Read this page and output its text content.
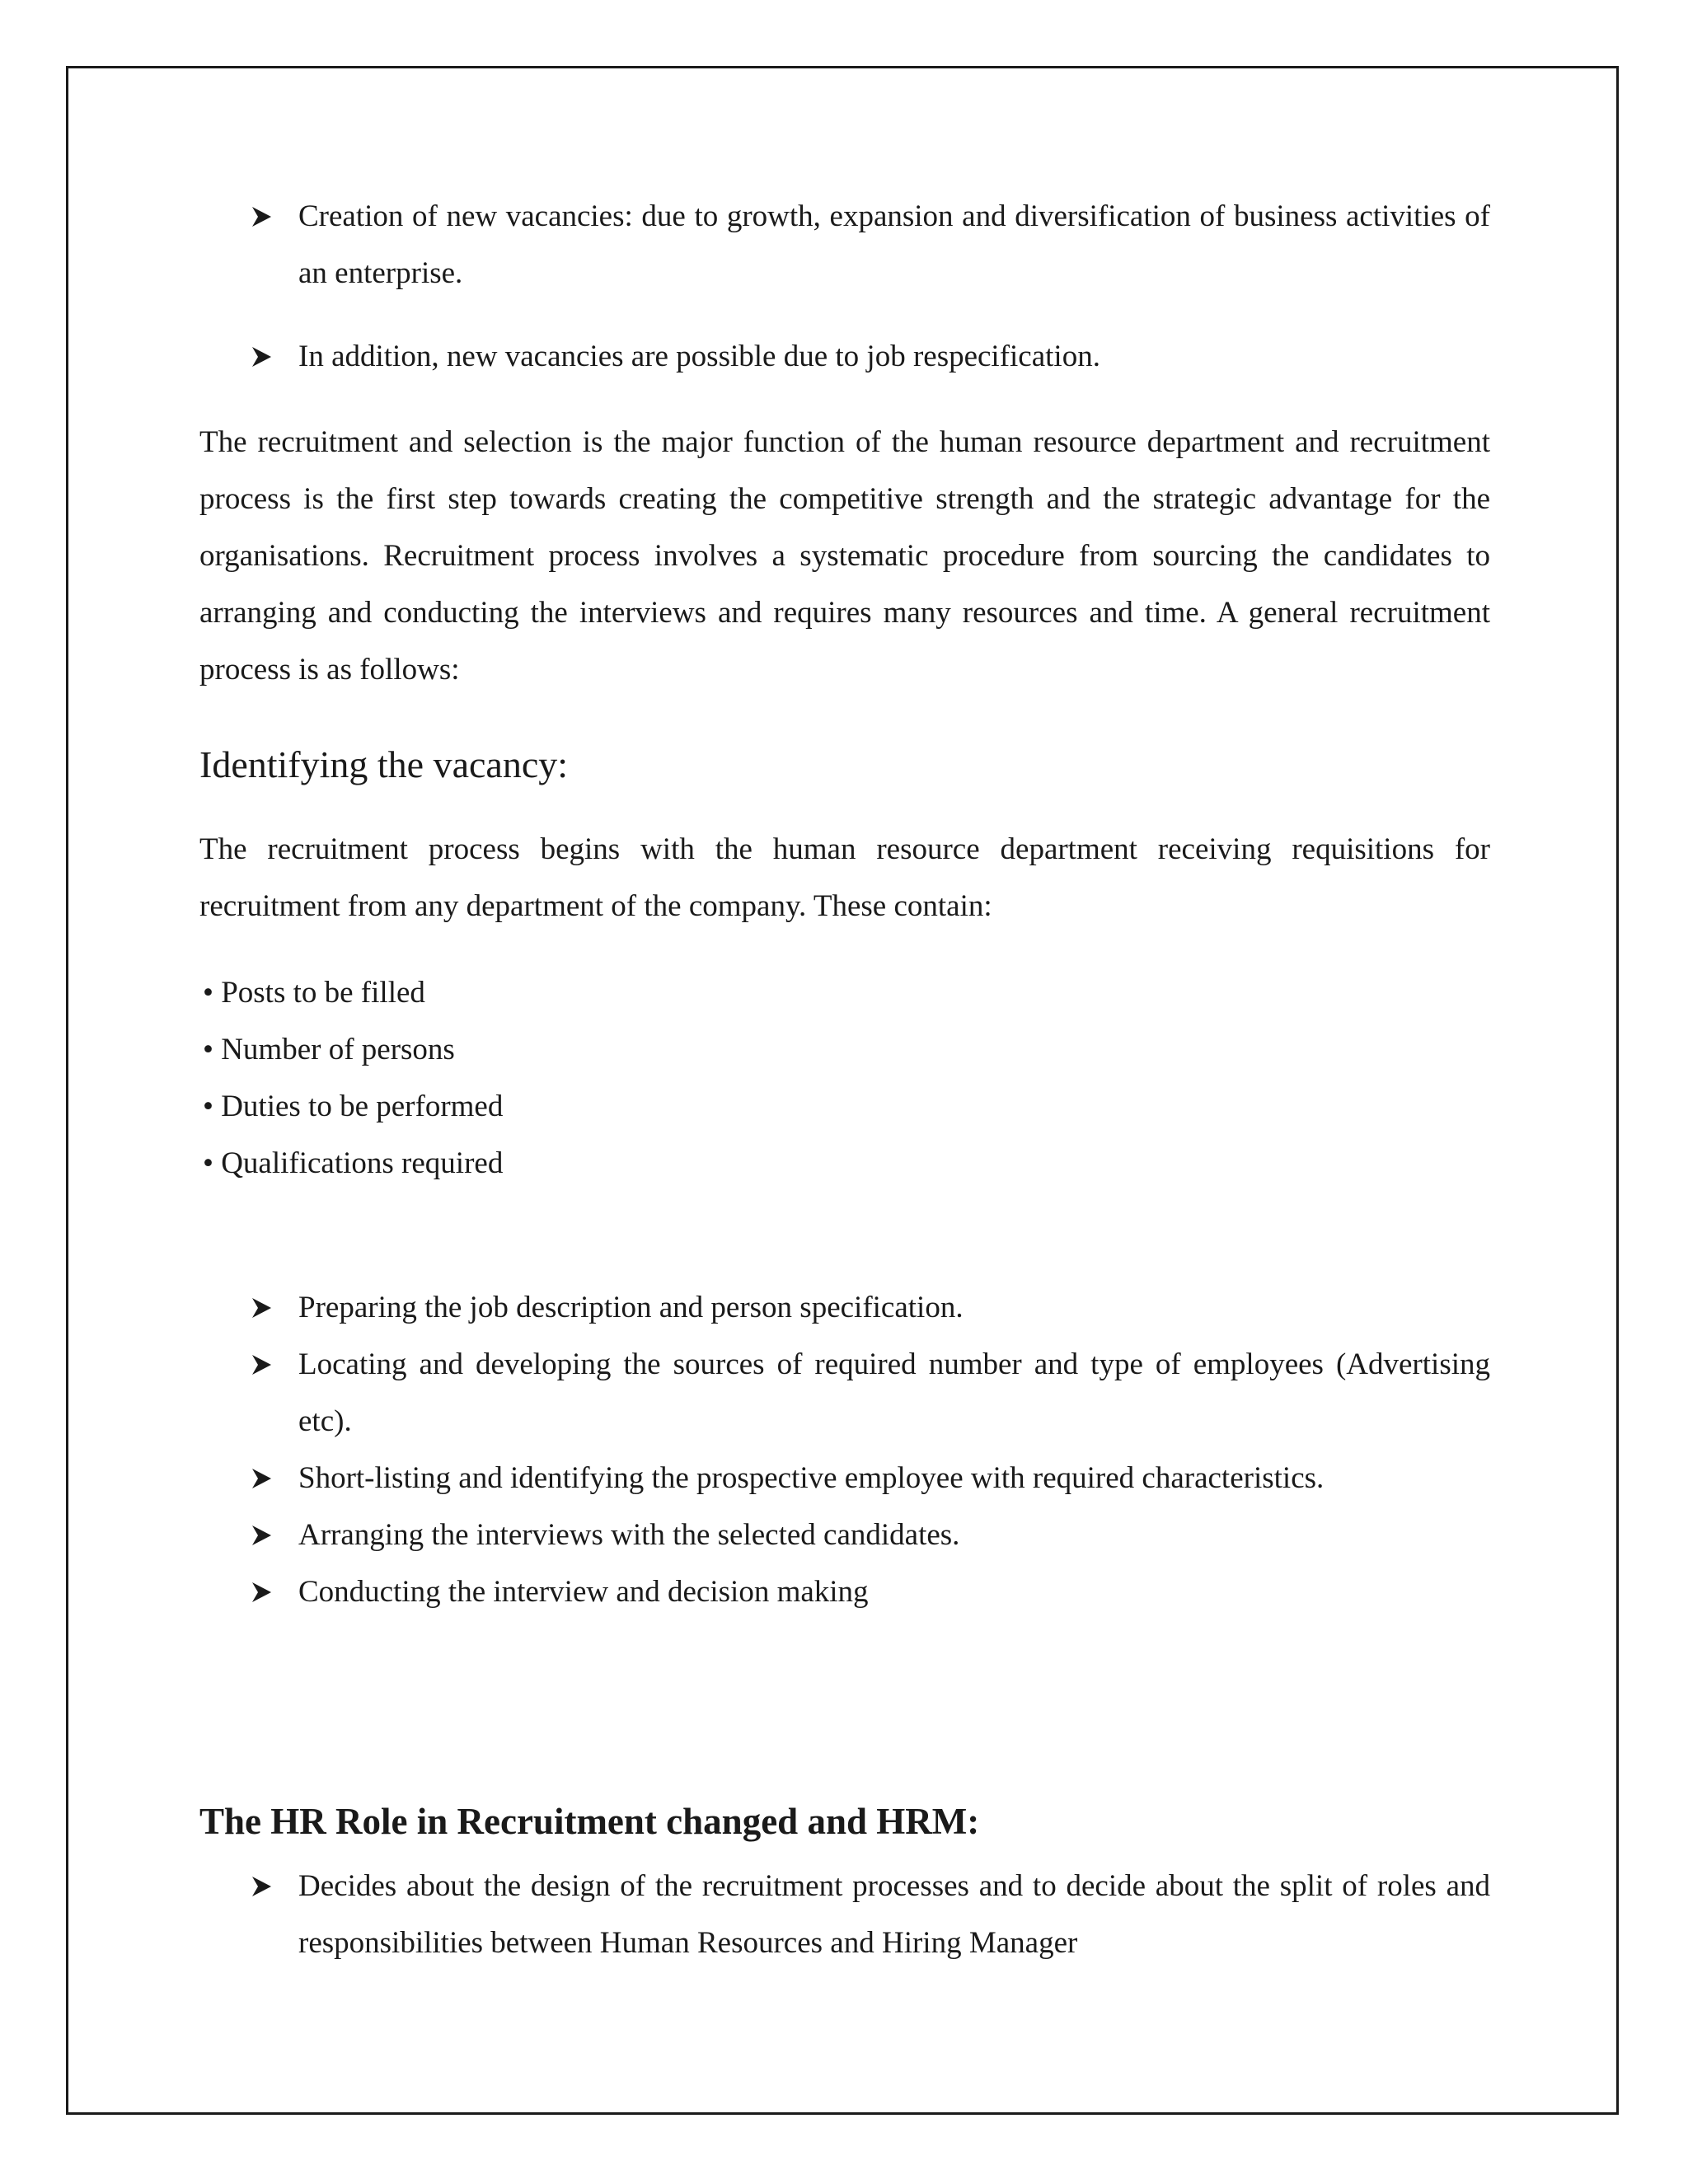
Creation of new vacancies: due to growth, expansion and diversification of business activities of an enterprise.
In addition, new vacancies are possible due to job respecification.

The recruitment and selection is the major function of the human resource department and recruitment process is the first step towards creating the competitive strength and the strategic advantage for the organisations. Recruitment process involves a systematic procedure from sourcing the candidates to arranging and conducting the interviews and requires many resources and time. A general recruitment process is as follows:

Identifying the vacancy:

The recruitment process begins with the human resource department receiving requisitions for recruitment from any department of the company. These contain:

• Posts to be filled
• Number of persons
• Duties to be performed
• Qualifications required
Preparing the job description and person specification.
Locating and developing the sources of required number and type of employees (Advertising etc).
Short-listing and identifying the prospective employee with required characteristics.
Arranging the interviews with the selected candidates.
Conducting the interview and decision making
The HR Role in Recruitment changed and HRM:
Decides about the design of the recruitment processes and to decide about the split of roles and responsibilities between Human Resources and Hiring Manager
